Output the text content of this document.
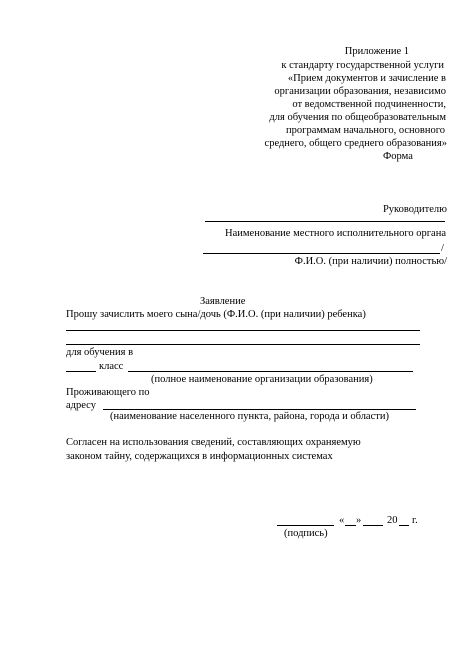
Приложение 1
к стандарту государственной услуги
«Прием документов и зачисление в
организации образования, независимо
от ведомственной подчиненности,
для обучения по общеобразовательным
программам начального, основного
среднего, общего среднего образования»
Форма
Руководителю
Наименование местного исполнительного органа
/
Ф.И.О. (при наличии) полностью/
Заявление
Прошу зачислить моего сына/дочь (Ф.И.О. (при наличии) ребенка)
для обучения в
класс
(полное наименование организации образования)
Проживающего по
адресу
(наименование населенного пункта, района, города и области)
Согласен на использования сведений, составляющих охраняемую
законом тайну, содержащихся в информационных системах
« » 20 г.
(подпись)
